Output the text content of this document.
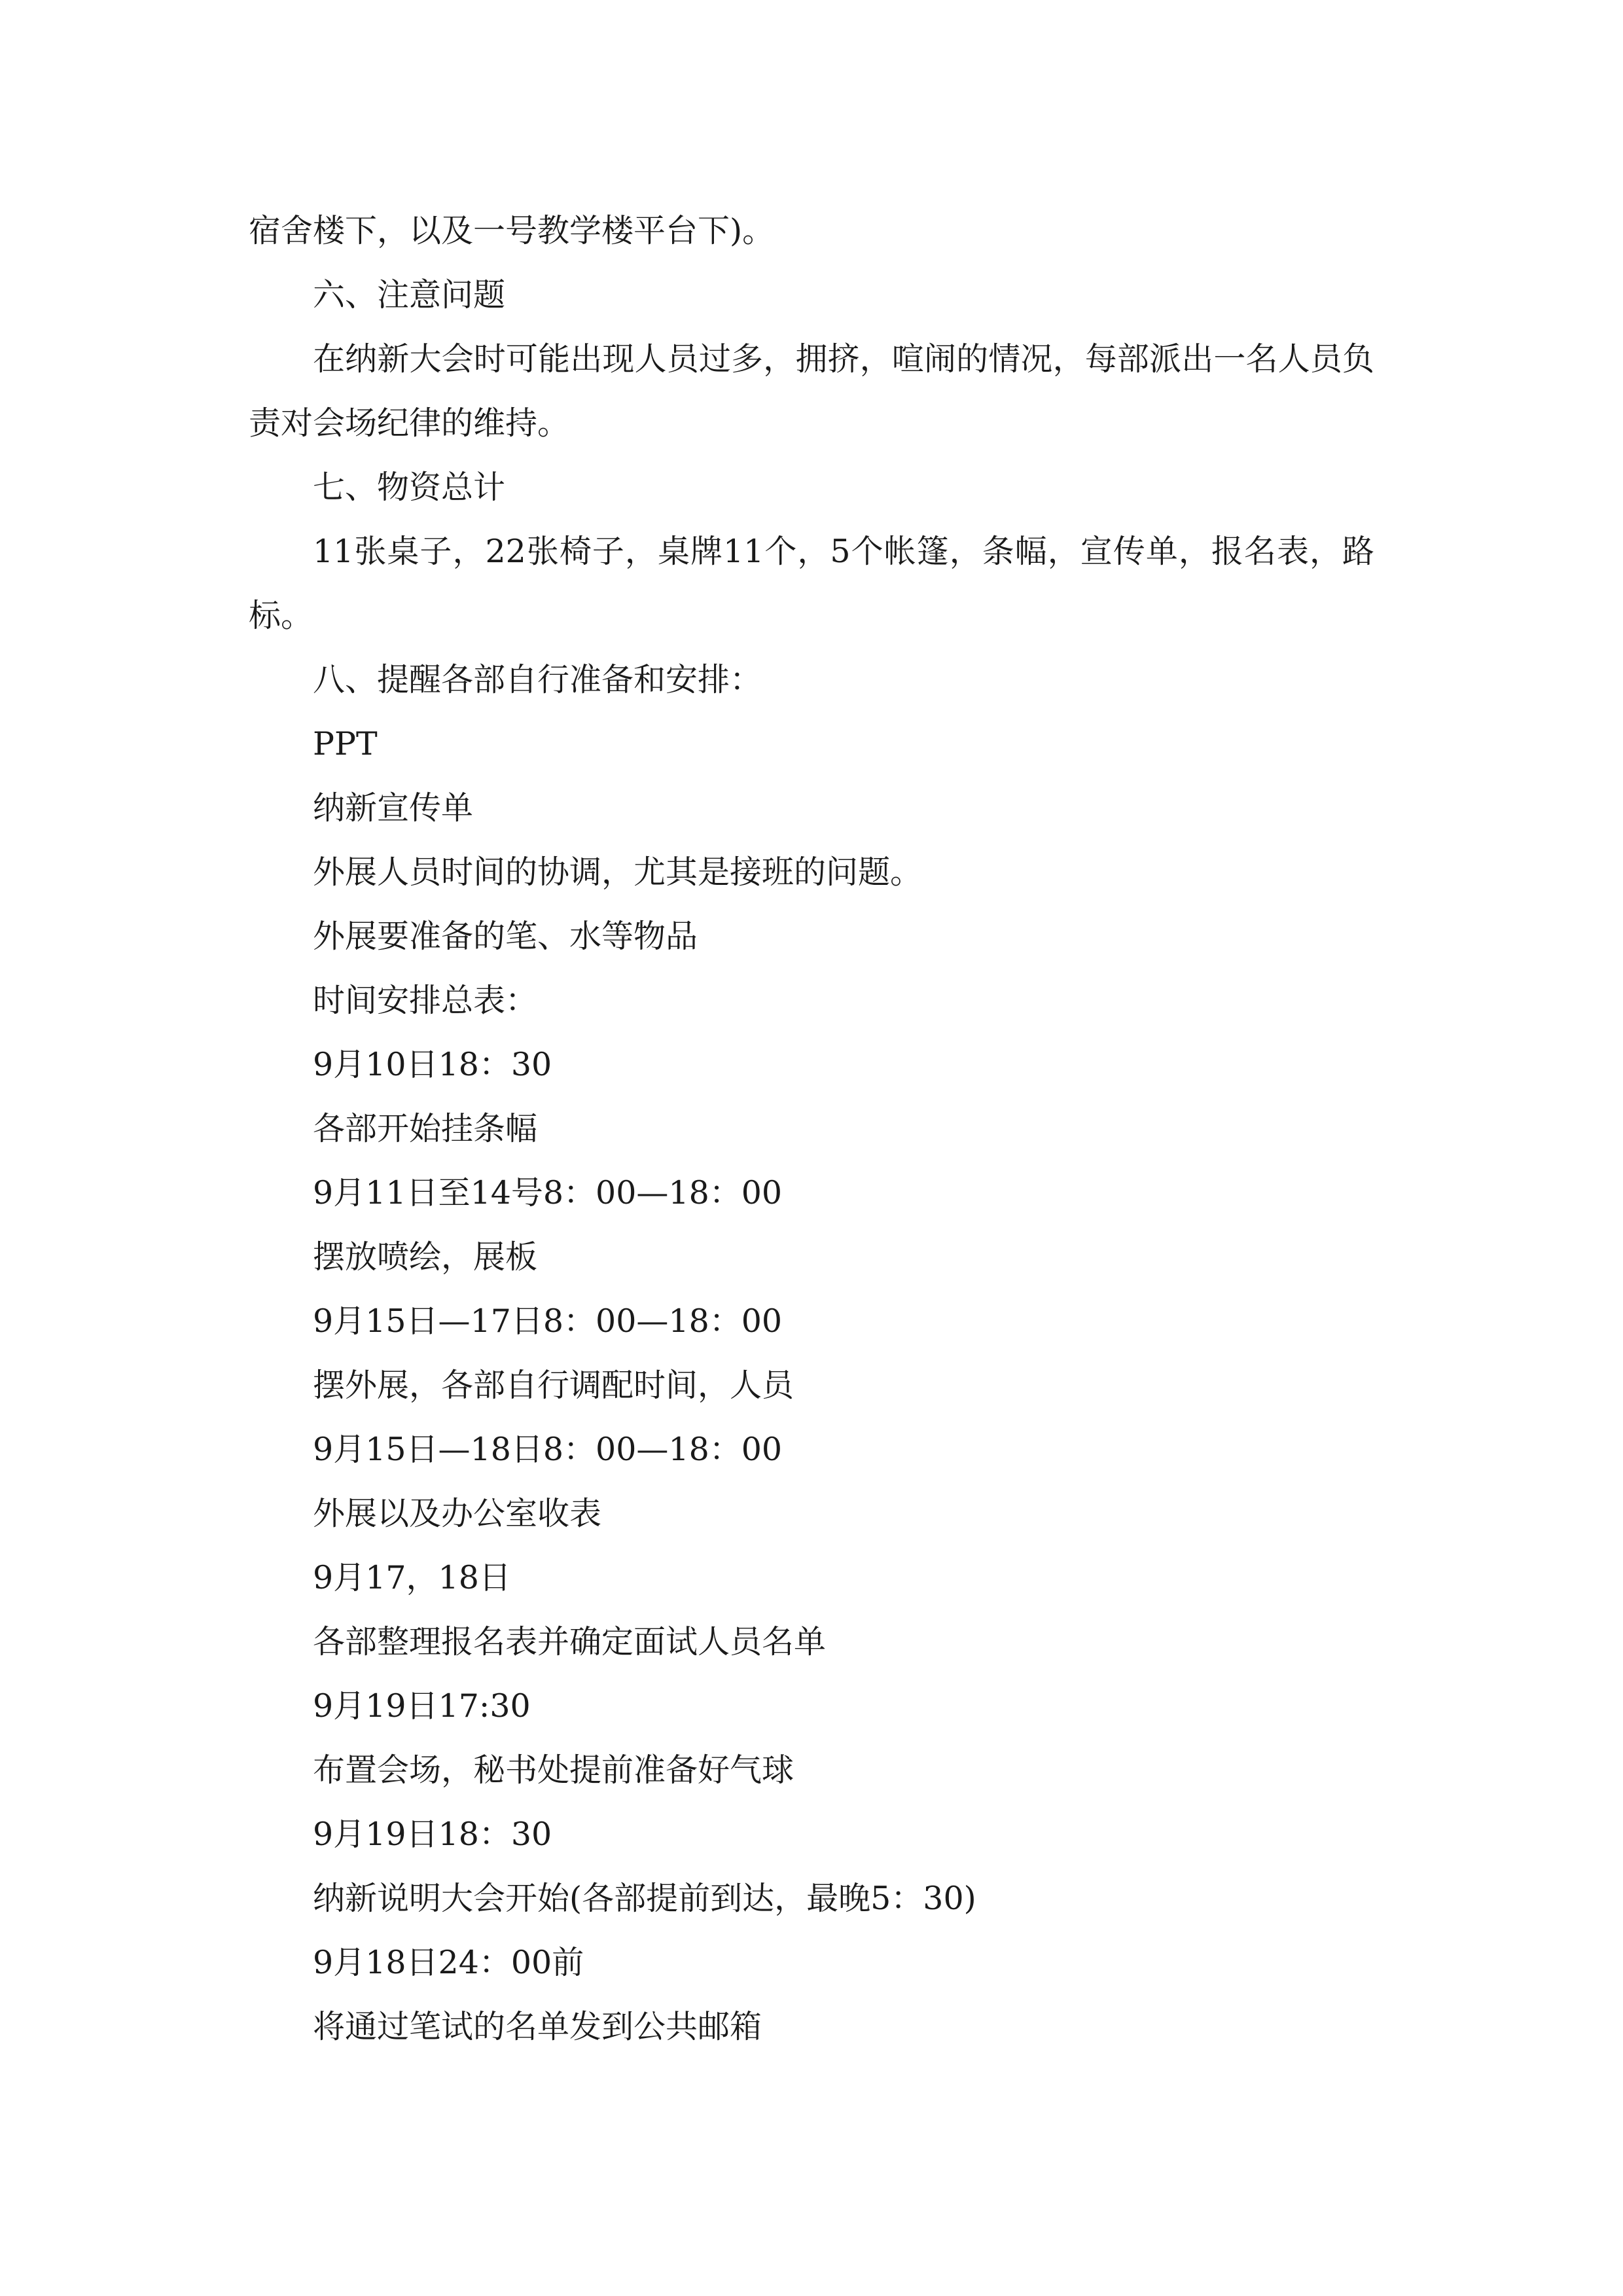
宿舍楼下，以及一号教学楼平台下)。

六、注意问题

在纳新大会时可能出现人员过多，拥挤，喧闹的情况，每部派出一名人员负责对会场纪律的维持。

七、物资总计

11张桌子，22张椅子，桌牌11个，5个帐篷，条幅，宣传单，报名表，路标。

八、提醒各部自行准备和安排：

PPT

纳新宣传单

外展人员时间的协调，尤其是接班的问题。

外展要准备的笔、水等物品

时间安排总表：

9月10日18：30

各部开始挂条幅

9月11日至14号8：00—18：00

摆放喷绘，展板

9月15日—17日8：00—18：00

摆外展，各部自行调配时间，人员

9月15日—18日8：00—18：00

外展以及办公室收表

9月17，18日

各部整理报名表并确定面试人员名单

9月19日17:30

布置会场，秘书处提前准备好气球

9月19日18：30

纳新说明大会开始(各部提前到达，最晚5：30)

9月18日24：00前

将通过笔试的名单发到公共邮箱
